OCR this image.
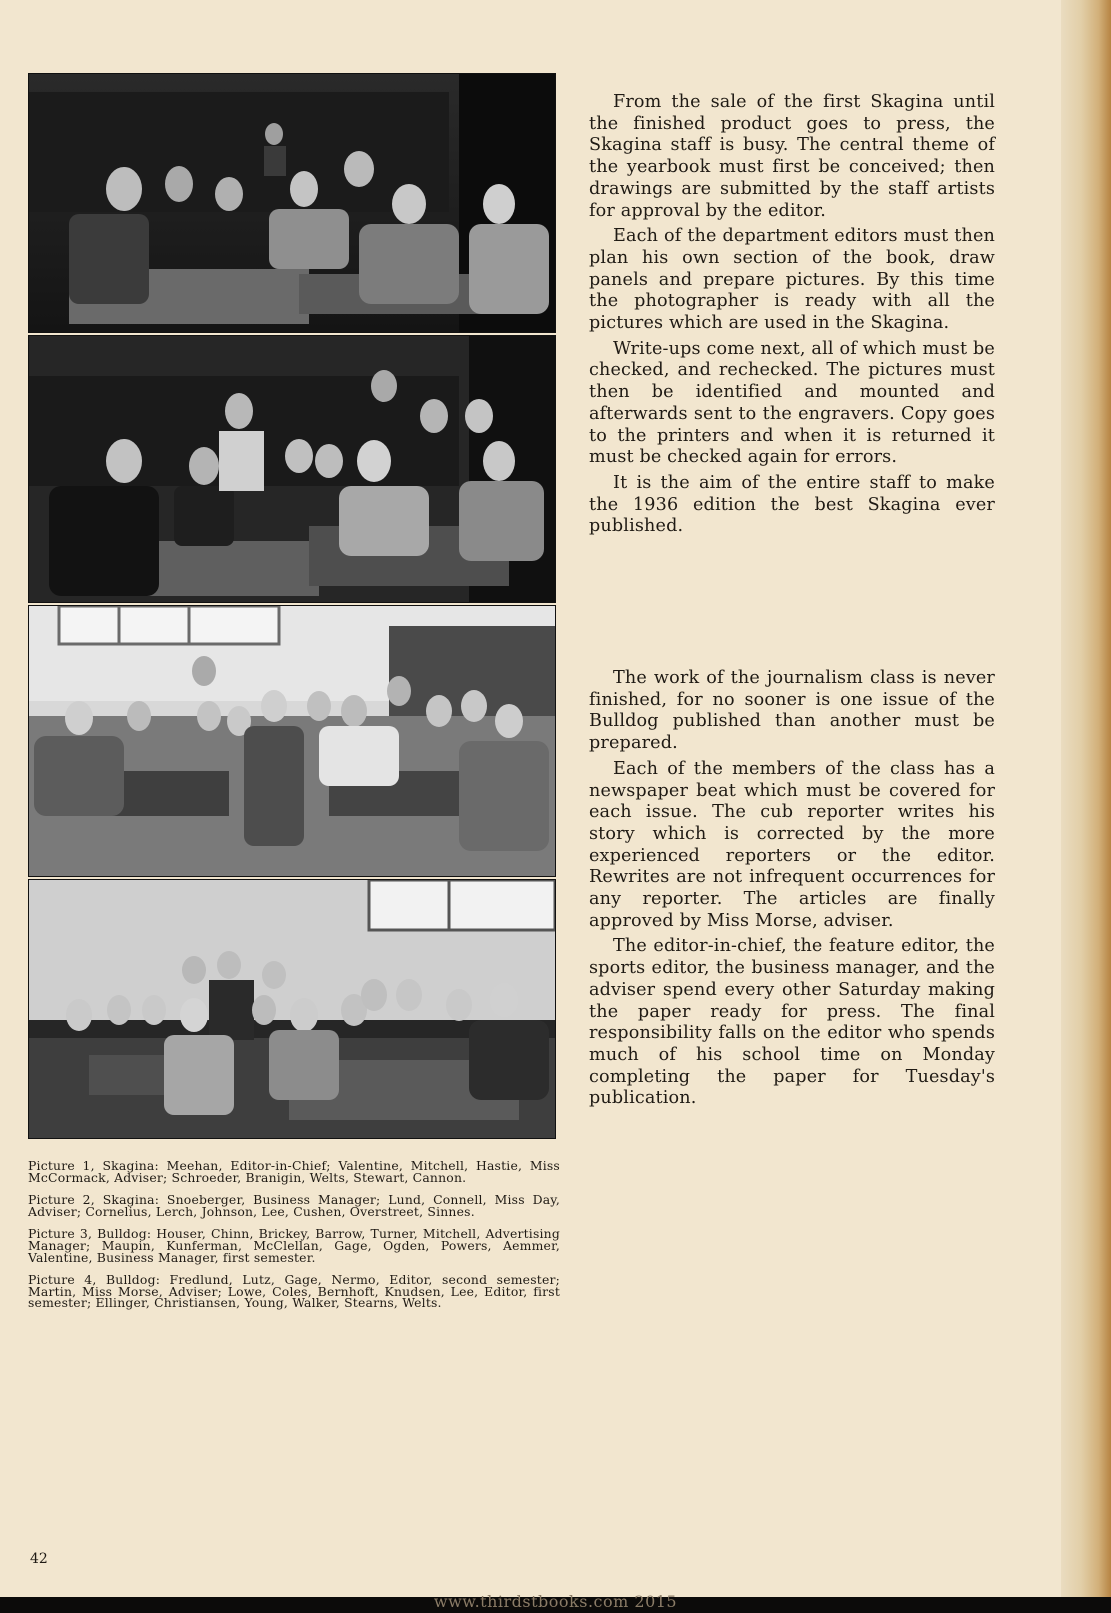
Picture 1, Skagina: Meehan, Editor-in-Chief; Valentine, Mitchell, Hastie, Miss McCormack, Adviser; Schroeder, Branigin, Welts, Stewart, Cannon.

Picture 2, Skagina: Snoeberger, Business Manager; Lund, Connell, Miss Day, Adviser; Cornelius, Lerch, Johnson, Lee, Cushen, Overstreet, Sinnes.

Picture 3, Bulldog: Houser, Chinn, Brickey, Barrow, Turner, Mitchell, Advertising Manager; Maupin, Kunferman, McClellan, Gage, Ogden, Powers, Aemmer, Valentine, Business Manager, first semester.

Picture 4, Bulldog: Fredlund, Lutz, Gage, Nermo, Editor, second semester; Martin, Miss Morse, Adviser; Lowe, Coles, Bernhoft, Knudsen, Lee, Editor, first semester; Ellinger, Christiansen, Young, Walker, Stearns, Welts.

From the sale of the first Skagina until the finished product goes to press, the Skagina staff is busy. The central theme of the yearbook must first be conceived; then drawings are submitted by the staff artists for approval by the editor.

Each of the department editors must then plan his own section of the book, draw panels and prepare pictures. By this time the photographer is ready with all the pictures which are used in the Skagina.

Write-ups come next, all of which must be checked, and rechecked. The pictures must then be identified and mounted and afterwards sent to the engravers. Copy goes to the printers and when it is returned it must be checked again for errors.

It is the aim of the entire staff to make the 1936 edition the best Skagina ever published.

The work of the journalism class is never finished, for no sooner is one issue of the Bulldog published than another must be prepared.

Each of the members of the class has a newspaper beat which must be covered for each issue. The cub reporter writes his story which is corrected by the more experienced reporters or the editor. Rewrites are not infrequent occurrences for any reporter. The articles are finally approved by Miss Morse, adviser.

The editor-in-chief, the feature editor, the sports editor, the business manager, and the adviser spend every other Saturday making the paper ready for press. The final responsibility falls on the editor who spends much of his school time on Monday completing the paper for Tuesday's publication.

42
www.thirdstbooks.com 2015
